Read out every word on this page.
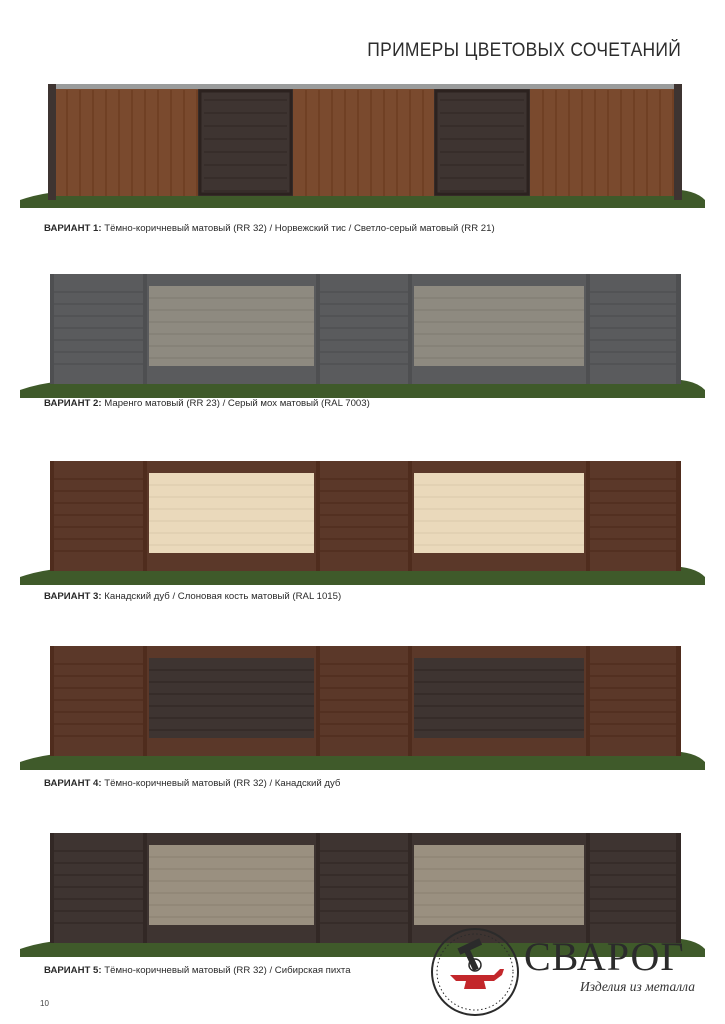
ПРИМЕРЫ ЦВЕТОВЫХ СОЧЕТАНИЙ
ВАРИАНТ 1: Тёмно-коричневый матовый (RR 32) / Норвежский тис / Светло-серый матовый (RR 21)
ВАРИАНТ 2: Маренго матовый (RR 23) / Серый мох матовый (RAL 7003)
ВАРИАНТ 3: Канадский дуб / Слоновая кость матовый (RAL 1015)
ВАРИАНТ 4: Тёмно-коричневый матовый (RR 32) / Канадский дуб
ВАРИАНТ 5: Тёмно-коричневый матовый (RR 32) / Сибирская пихта
10
СВАРОГ
Изделия из металла
